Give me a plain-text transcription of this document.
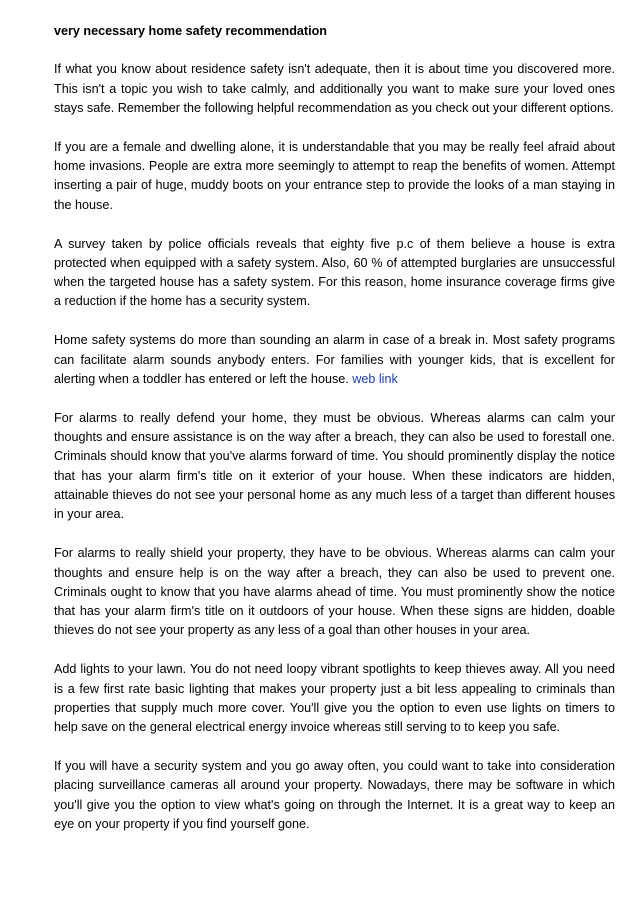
very necessary home safety recommendation

If what you know about residence safety isn't adequate, then it is about time you discovered more. This isn't a topic you wish to take calmly, and additionally you want to make sure your loved ones stays safe. Remember the following helpful recommendation as you check out your different options.

If you are a female and dwelling alone, it is understandable that you may be really feel afraid about home invasions. People are extra more seemingly to attempt to reap the benefits of women. Attempt inserting a pair of huge, muddy boots on your entrance step to provide the looks of a man staying in the house.

A survey taken by police officials reveals that eighty five p.c of them believe a house is extra protected when equipped with a safety system. Also, 60 % of attempted burglaries are unsuccessful when the targeted house has a safety system. For this reason, home insurance coverage firms give a reduction if the home has a security system.

Home safety systems do more than sounding an alarm in case of a break in. Most safety programs can facilitate alarm sounds anybody enters. For families with younger kids, that is excellent for alerting when a toddler has entered or left the house. web link

For alarms to really defend your home, they must be obvious. Whereas alarms can calm your thoughts and ensure assistance is on the way after a breach, they can also be used to forestall one. Criminals should know that you've alarms forward of time. You should prominently display the notice that has your alarm firm's title on it exterior of your house. When these indicators are hidden, attainable thieves do not see your personal home as any much less of a target than different houses in your area.

For alarms to really shield your property, they have to be obvious. Whereas alarms can calm your thoughts and ensure help is on the way after a breach, they can also be used to prevent one. Criminals ought to know that you have alarms ahead of time. You must prominently show the notice that has your alarm firm's title on it outdoors of your house. When these signs are hidden, doable thieves do not see your property as any less of a goal than other houses in your area.

Add lights to your lawn. You do not need loopy vibrant spotlights to keep thieves away. All you need is a few first rate basic lighting that makes your property just a bit less appealing to criminals than properties that supply much more cover. You'll give you the option to even use lights on timers to help save on the general electrical energy invoice whereas still serving to to keep you safe.

If you will have a security system and you go away often, you could want to take into consideration placing surveillance cameras all around your property. Nowadays, there may be software in which you'll give you the option to view what's going on through the Internet. It is a great way to keep an eye on your property if you find yourself gone.
